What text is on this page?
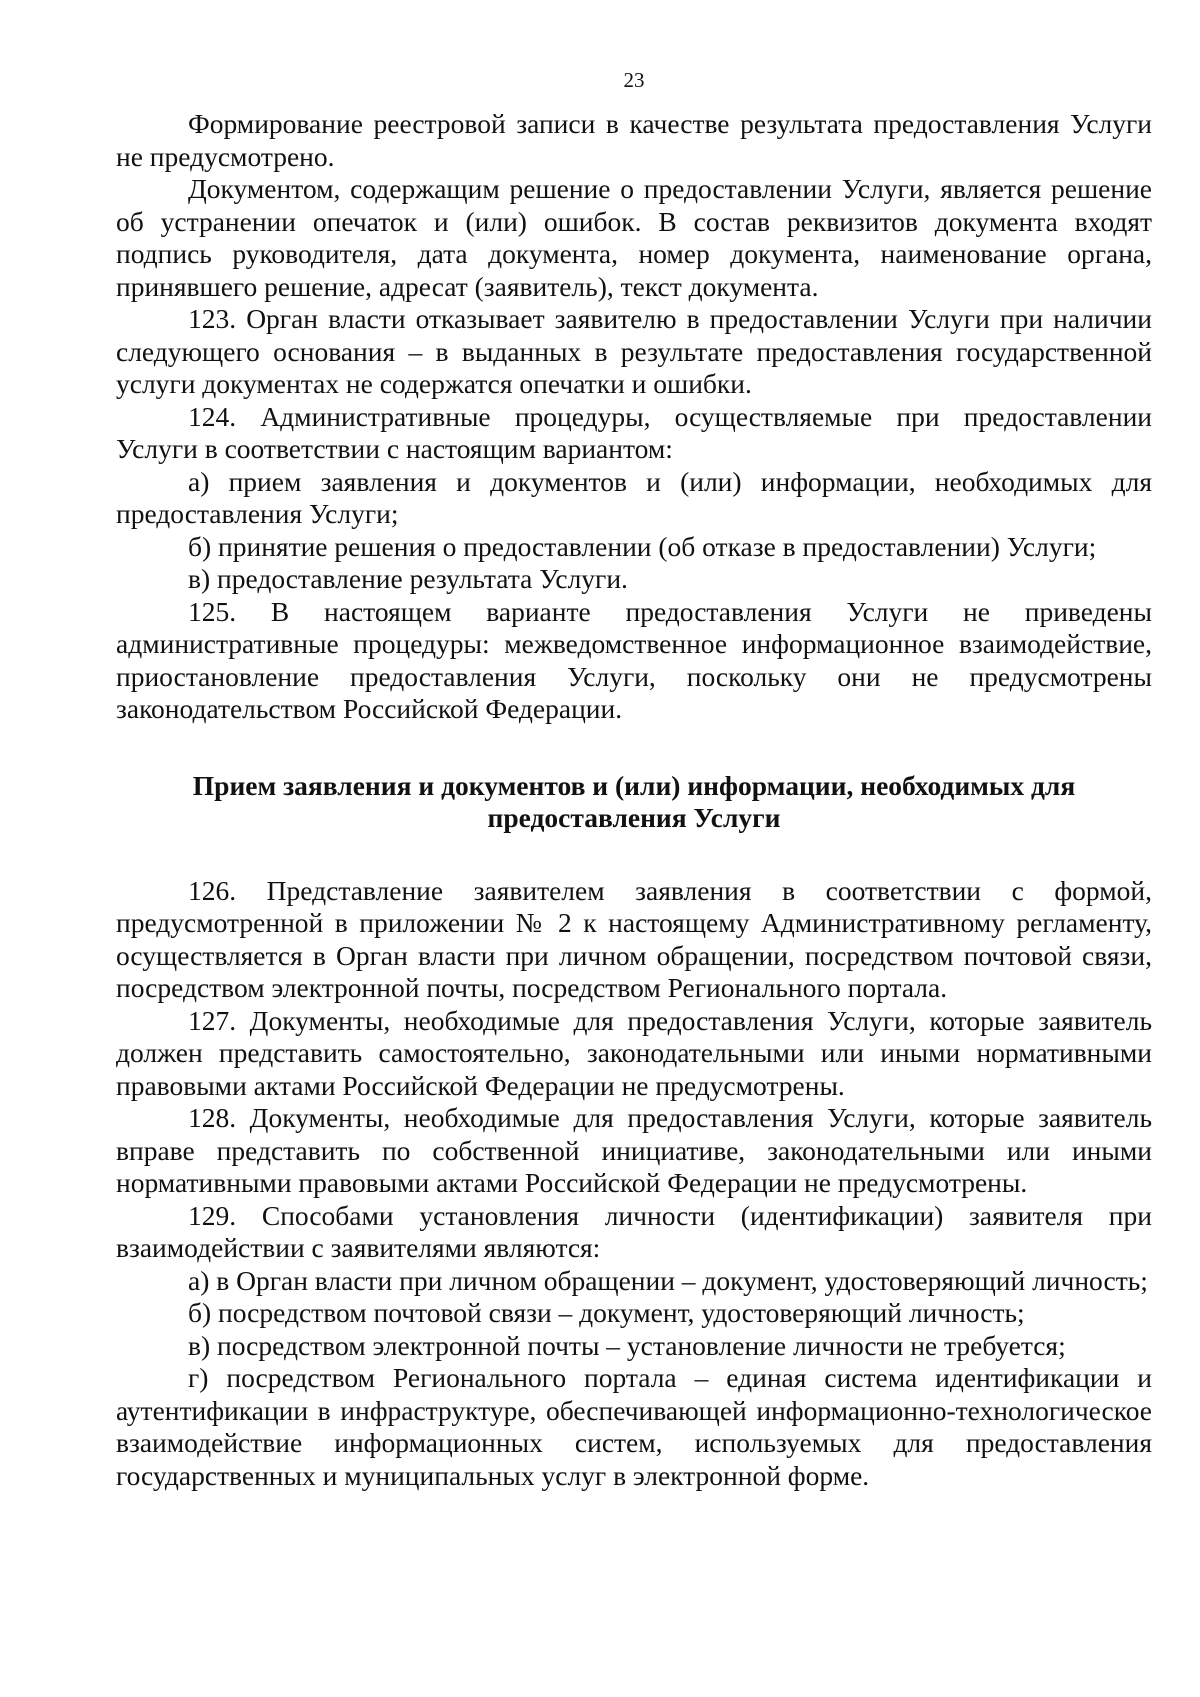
23

Формирование реестровой записи в качестве результата предоставления Услуги не предусмотрено.

Документом, содержащим решение о предоставлении Услуги, является решение об устранении опечаток и (или) ошибок. В состав реквизитов документа входят подпись руководителя, дата документа, номер документа, наименование органа, принявшего решение, адресат (заявитель), текст документа.

123. Орган власти отказывает заявителю в предоставлении Услуги при наличии следующего основания – в выданных в результате предоставления государственной услуги документах не содержатся опечатки и ошибки.

124. Административные процедуры, осуществляемые при предоставлении Услуги в соответствии с настоящим вариантом:

а) прием заявления и документов и (или) информации, необходимых для предоставления Услуги;

б) принятие решения о предоставлении (об отказе в предоставлении) Услуги;

в) предоставление результата Услуги.

125. В настоящем варианте предоставления Услуги не приведены административные процедуры: межведомственное информационное взаимодействие, приостановление предоставления Услуги, поскольку они не предусмотрены законодательством Российской Федерации.

Прием заявления и документов и (или) информации, необходимых для предоставления Услуги

126. Представление заявителем заявления в соответствии с формой, предусмотренной в приложении № 2 к настоящему Административному регламенту, осуществляется в Орган власти при личном обращении, посредством почтовой связи, посредством электронной почты, посредством Регионального портала.

127. Документы, необходимые для предоставления Услуги, которые заявитель должен представить самостоятельно, законодательными или иными нормативными правовыми актами Российской Федерации не предусмотрены.

128. Документы, необходимые для предоставления Услуги, которые заявитель вправе представить по собственной инициативе, законодательными или иными нормативными правовыми актами Российской Федерации не предусмотрены.

129. Способами установления личности (идентификации) заявителя при взаимодействии с заявителями являются:

а) в Орган власти при личном обращении – документ, удостоверяющий личность;

б) посредством почтовой связи – документ, удостоверяющий личность;

в) посредством электронной почты – установление личности не требуется;

г) посредством Регионального портала – единая система идентификации и аутентификации в инфраструктуре, обеспечивающей информационно-технологическое взаимодействие информационных систем, используемых для предоставления государственных и муниципальных услуг в электронной форме.
